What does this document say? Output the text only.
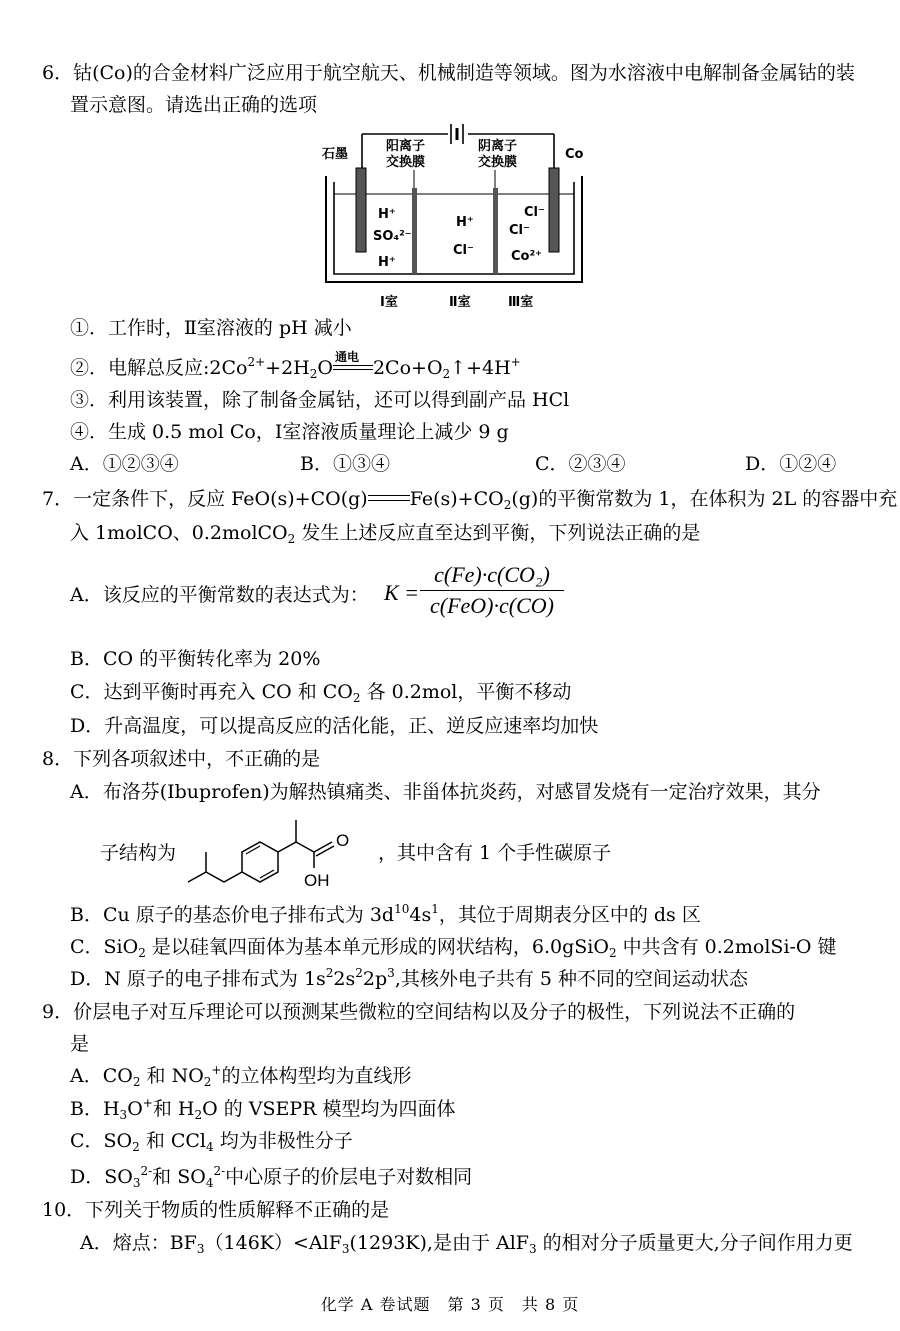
6．钴(Co)的合金材料广泛应用于航空航天、机械制造等领域。图为水溶液中电解制备金属钴的装
置示意图。请选出正确的选项
石墨
阳离子
交换膜
阴离子
交换膜
Co
H⁺
SO₄²⁻
H⁺
H⁺
Cl⁻
Cl⁻
Cl⁻
Co²⁺
Ⅰ室	Ⅱ室	Ⅲ室
①．工作时，Ⅱ室溶液的 pH 减小
②．电解总反应$:2Co^{2+}+2H_2O$ 通电 $2Co+O_2↑+4H^+$
③．利用该装置，除了制备金属钴，还可以得到副产品 HCl
④．生成 0.5 mol Co，Ⅰ室溶液质量理论上减少 9 g
A．①②③④	B．①③④	C．②③④	D．①②④
7．一定条件下，反应 FeO(s)+CO(g) $Fe(s)+CO_2(g)$的平衡常数为 1，在体积为 2L 的容器中充
入 1molCO、0.2molCO$_2$ 发生上述反应直至达到平衡，下列说法正确的是
A．该反应的平衡常数的表达式为： K =
c(Fe)·c(CO₂)
c(FeO)·c(CO)
B．CO 的平衡转化率为 20%
C．达到平衡时再充入 CO 和 $CO_2$ 各 0.2mol，平衡不移动
D．升高温度，可以提高反应的活化能，正、逆反应速率均加快
8．下列各项叙述中，不正确的是
A．布洛芬(Ibuprofen)为解热镇痛类、非甾体抗炎药，对感冒发烧有一定治疗效果，其分
子结构为
O
OH
，其中含有 1 个手性碳原子
B．Cu 原子的基态价电子排布式为 $3d^{10}4s^1$，其位于周期表分区中的 ds 区
C．SiO$_2$ 是以硅氧四面体为基本单元形成的网状结构，6.0gSiO$_2$ 中共含有 0.2molSi-O 键
D．N 原子的电子排布式为 $1s^22s^22p^3$,其核外电子共有 5 种不同的空间运动状态
9．价层电子对互斥理论可以预测某些微粒的空间结构以及分子的极性，下列说法不正确的
是
A．$CO_2$ 和 $NO_2^+$的立体构型均为直线形
B．$H_3O^+$和 $H_2O$ 的 VSEPR 模型均为四面体
C．$SO_2$ 和 CCl$_4$ 均为非极性分子
D．$SO_3^{2-}$和 $SO_4^{2-}$中心原子的价层电子对数相同
10．下列关于物质的性质解释不正确的是
A．熔点：$BF_3(146K)<AlF_3(1293K)$,是由于 AlF$_3$ 的相对分子质量更大,分子间作用力更
化学 A 卷试题　第 3 页　共 8 页
